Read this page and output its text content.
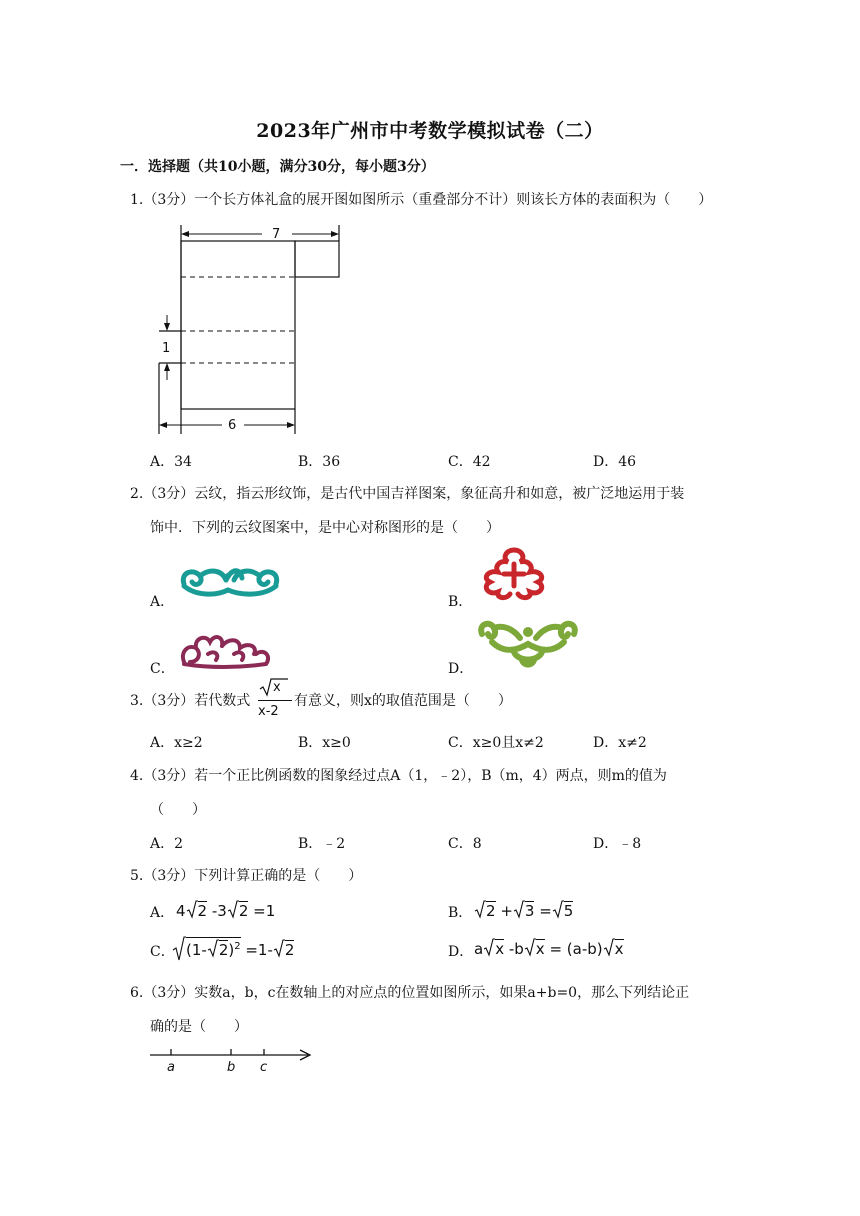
2023年广州市中考数学模拟试卷（二）
一．选择题（共10小题，满分30分，每小题3分）
1.（3分）一个长方体礼盒的展开图如图所示（重叠部分不计）则该长方体的表面积为（　　）
7
6
1
A．34	B．36	C．42	D．46
2.（3分）云纹，指云形纹饰，是古代中国吉祥图案，象征高升和如意，被广泛地运用于装
饰中．下列的云纹图案中，是中心对称图形的是（　　）
A．	B．
C．	D．
3.（3分）若代数式
x
x-2
有意义，则x的取值范围是（　　）
A．x≥2	B．x≥0	C．x≥0且x≠2	D．x≠2
4.（3分）若一个正比例函数的图象经过点A（1，﹣2），B（m，4）两点，则m的值为
（　　）
A．2	B．﹣2	C．8	D．﹣8
5.（3分）下列计算正确的是（　　）
A． 4 2 -3 2 =1	B． 2 + 3 = 5
C． (1- 2)$^2$ =1- 2	D． a x -b x = (a-b) x
6.（3分）实数a，b，c在数轴上的对应点的位置如图所示，如果a+b=0，那么下列结论正
确的是（　　）
a	b c
